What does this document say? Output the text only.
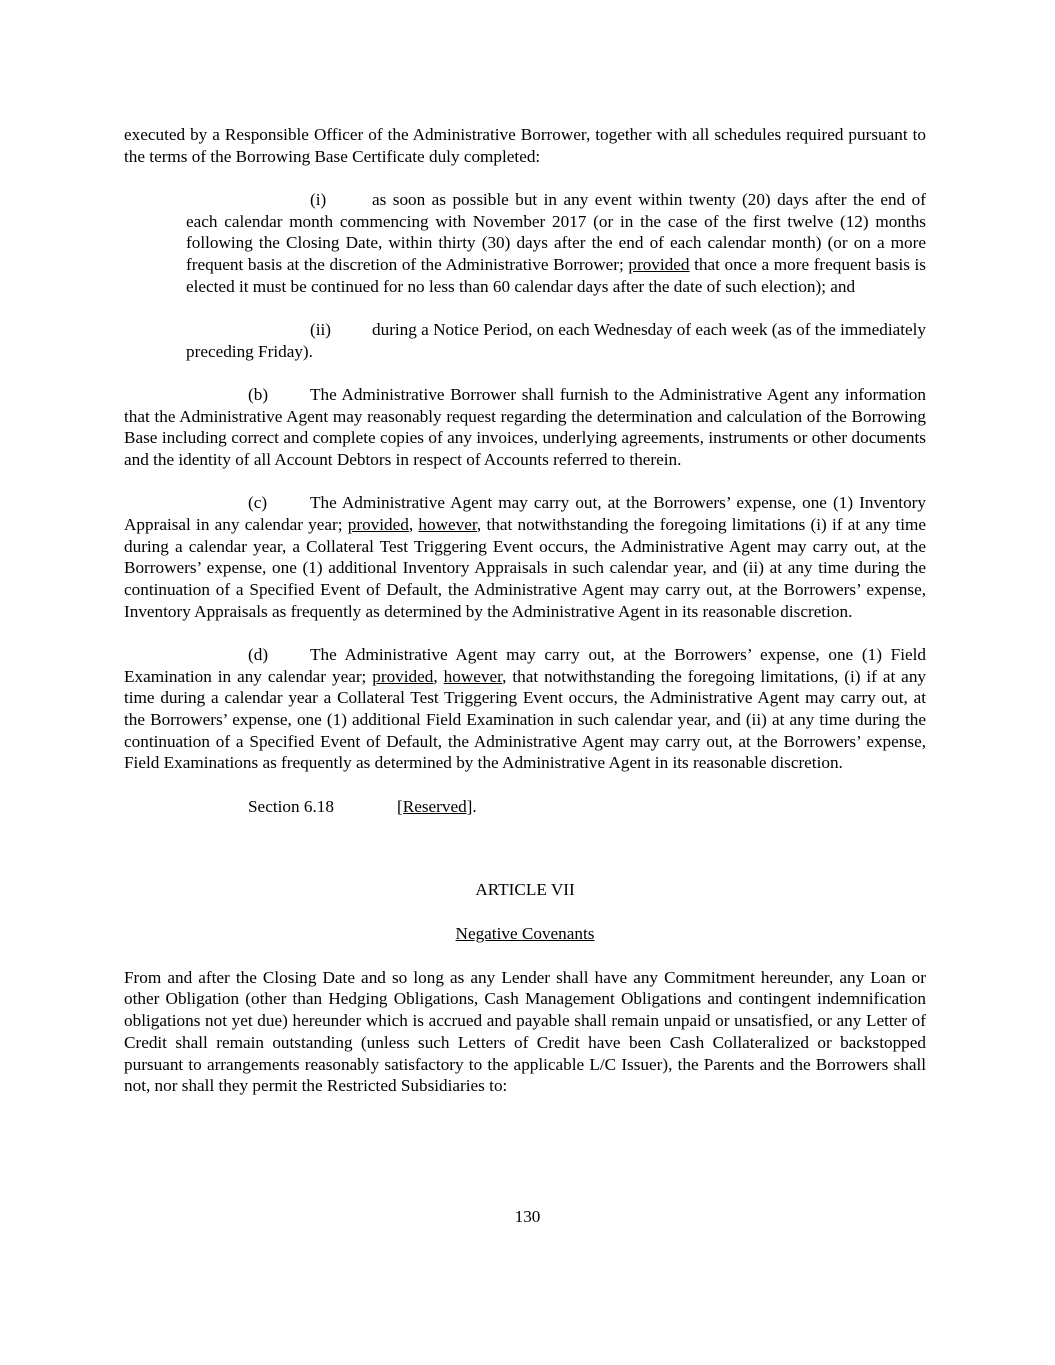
executed by a Responsible Officer of the Administrative Borrower, together with all schedules required pursuant to the terms of the Borrowing Base Certificate duly completed:

(i)	as soon as possible but in any event within twenty (20) days after the end of each calendar month commencing with November 2017 (or in the case of the first twelve (12) months following the Closing Date, within thirty (30) days after the end of each calendar month) (or on a more frequent basis at the discretion of the Administrative Borrower; provided that once a more frequent basis is elected it must be continued for no less than 60 calendar days after the date of such election); and

(ii) during a Notice Period, on each Wednesday of each week (as of the immediately preceding Friday).

(b) The Administrative Borrower shall furnish to the Administrative Agent any information that the Administrative Agent may reasonably request regarding the determination and calculation of the Borrowing Base including correct and complete copies of any invoices, underlying agreements, instruments or other documents and the identity of all Account Debtors in respect of Accounts referred to therein.

(c) The Administrative Agent may carry out, at the Borrowers’ expense, one (1) Inventory Appraisal in any calendar year; provided, however, that notwithstanding the foregoing limitations (i) if at any time during a calendar year, a Collateral Test Triggering Event occurs, the Administrative Agent may carry out, at the Borrowers’ expense, one (1) additional Inventory Appraisals in such calendar year, and (ii) at any time during the continuation of a Specified Event of Default, the Administrative Agent may carry out, at the Borrowers’ expense, Inventory Appraisals as frequently as determined by the Administrative Agent in its reasonable discretion.

(d) The Administrative Agent may carry out, at the Borrowers’ expense, one (1) Field Examination in any calendar year; provided, however, that notwithstanding the foregoing limitations, (i) if at any time during a calendar year a Collateral Test Triggering Event occurs, the Administrative Agent may carry out, at the Borrowers’ expense, one (1) additional Field Examination in such calendar year, and (ii) at any time during the continuation of a Specified Event of Default, the Administrative Agent may carry out, at the Borrowers’ expense, Field Examinations as frequently as determined by the Administrative Agent in its reasonable discretion.

Section 6.18	[Reserved].

ARTICLE VII

Negative Covenants

From and after the Closing Date and so long as any Lender shall have any Commitment hereunder, any Loan or other Obligation (other than Hedging Obligations, Cash Management Obligations and contingent indemnification obligations not yet due) hereunder which is accrued and payable shall remain unpaid or unsatisfied, or any Letter of Credit shall remain outstanding (unless such Letters of Credit have been Cash Collateralized or backstopped pursuant to arrangements reasonably satisfactory to the applicable L/C Issuer), the Parents and the Borrowers shall not, nor shall they permit the Restricted Subsidiaries to:

130
